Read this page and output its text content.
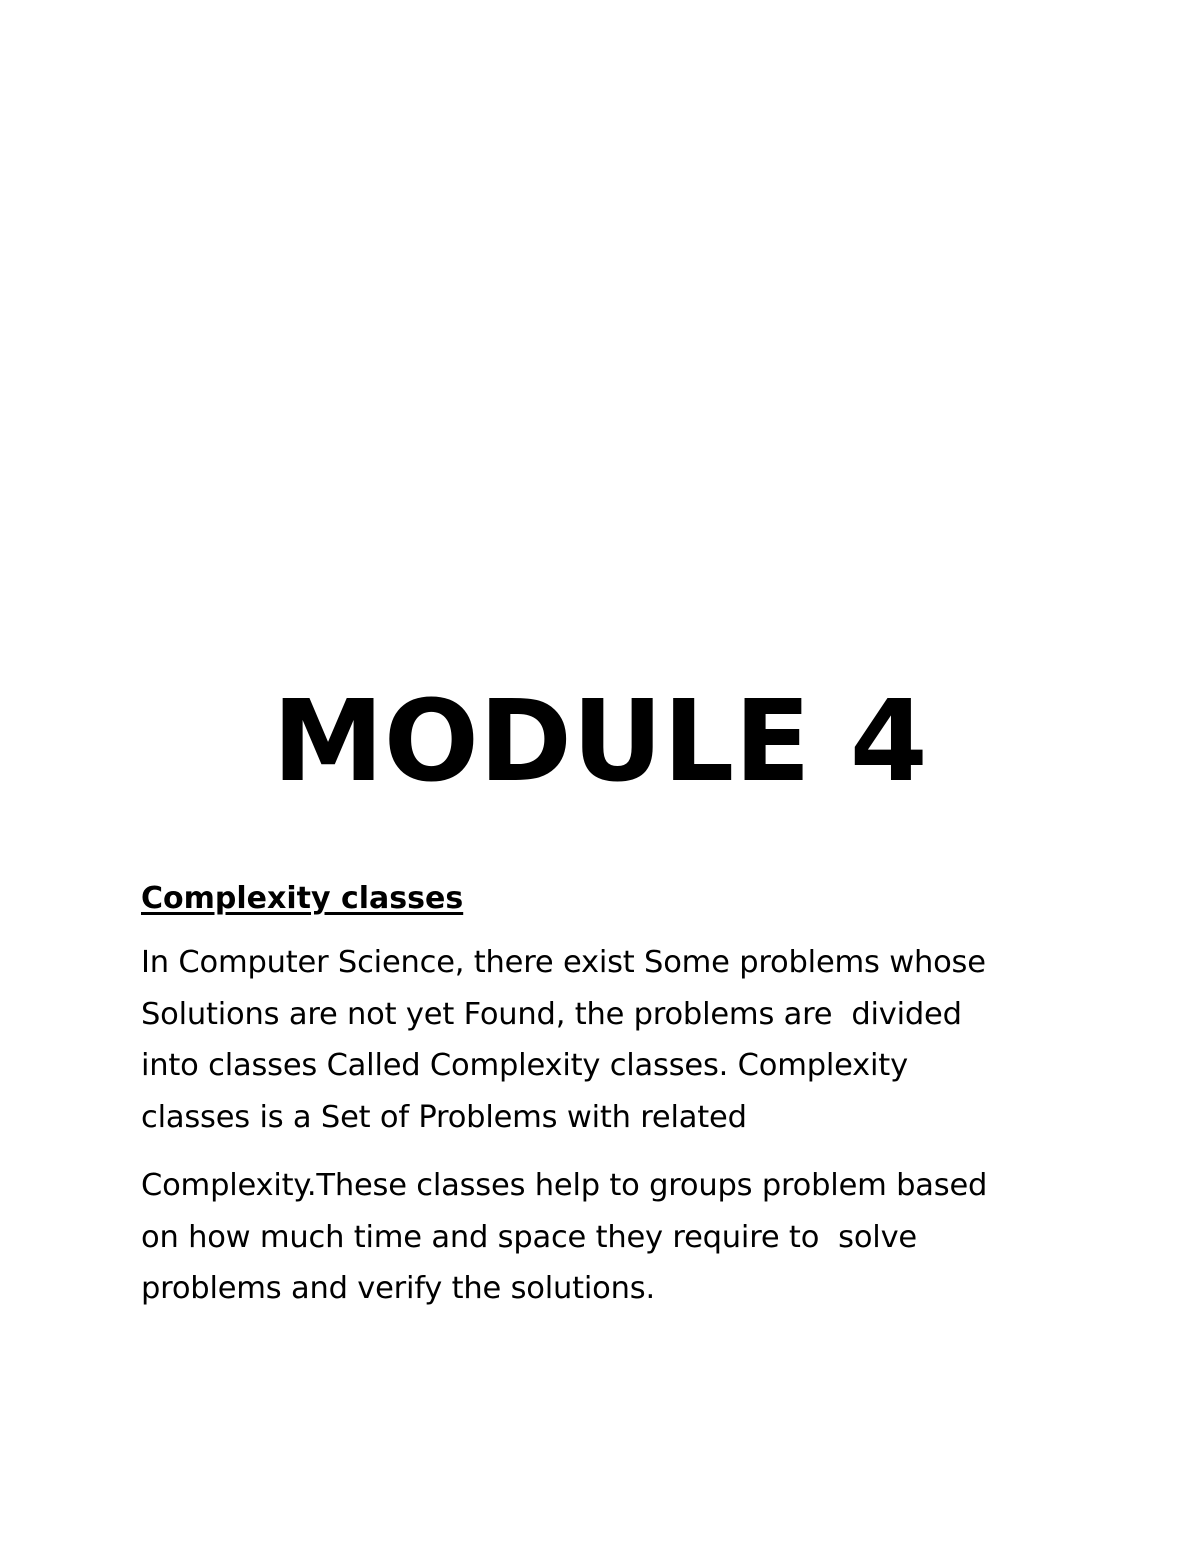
MODULE 4
Complexity classes
In Computer Science, there exist Some problems whose
Solutions are not yet Found, the problems are  divided
into classes Called Complexity classes. Complexity
classes is a Set of Problems with related
Complexity.These classes help to groups problem based
on how much time and space they require to  solve
problems and verify the solutions.
